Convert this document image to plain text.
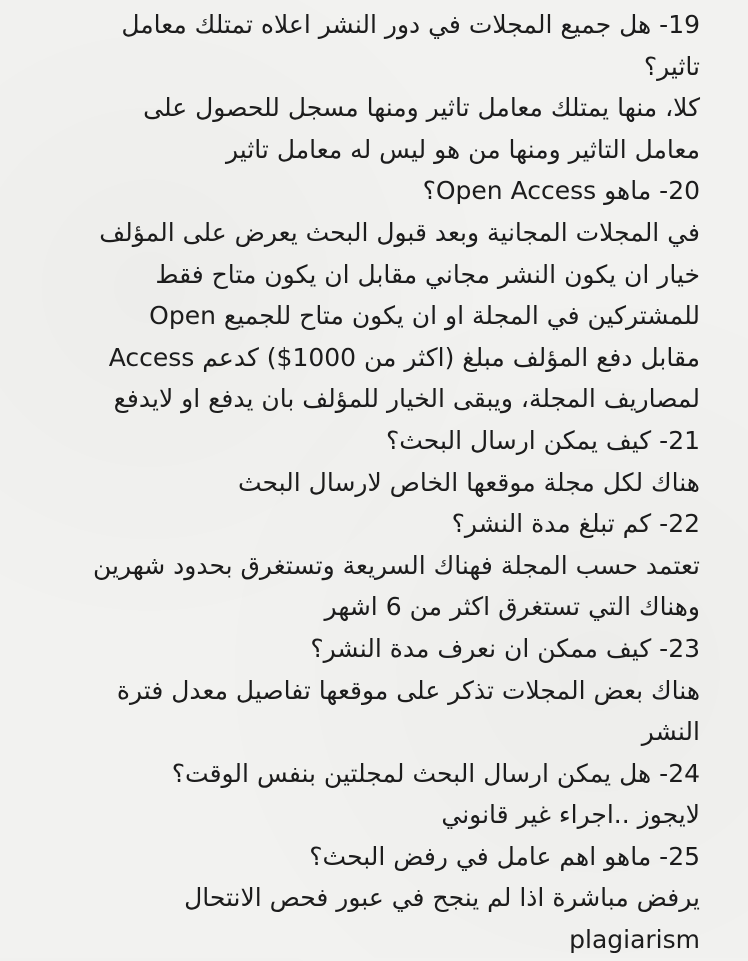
19- هل جميع المجلات في دور النشر اعلاه تمتلك معامل
تاثير؟
كلا، منها يمتلك معامل تاثير ومنها مسجل للحصول على
معامل التاثير ومنها من هو ليس له معامل تاثير
20- ماهو Open Access؟
في المجلات المجانية وبعد قبول البحث يعرض على المؤلف
خيار ان يكون النشر مجاني مقابل ان يكون متاح فقط
للمشتركين في المجلة او ان يكون متاح للجميع Open
Access مقابل دفع المؤلف مبلغ (اكثر من 1000$) كدعم
لمصاريف المجلة، ويبقى الخيار للمؤلف بان يدفع او لايدفع
21- كيف يمكن ارسال البحث؟
هناك لكل مجلة موقعها الخاص لارسال البحث
22- كم تبلغ مدة النشر؟
تعتمد حسب المجلة فهناك السريعة وتستغرق بحدود شهرين
وهناك التي تستغرق اكثر من 6 اشهر
23- كيف ممكن ان نعرف مدة النشر؟
هناك بعض المجلات تذكر على موقعها تفاصيل معدل فترة
النشر
24- هل يمكن ارسال البحث لمجلتين بنفس الوقت؟
لايجوز ..اجراء غير قانوني
25- ماهو اهم عامل في رفض البحث؟
يرفض مباشرة اذا لم ينجح في عبور فحص الانتحال
plagiarism
